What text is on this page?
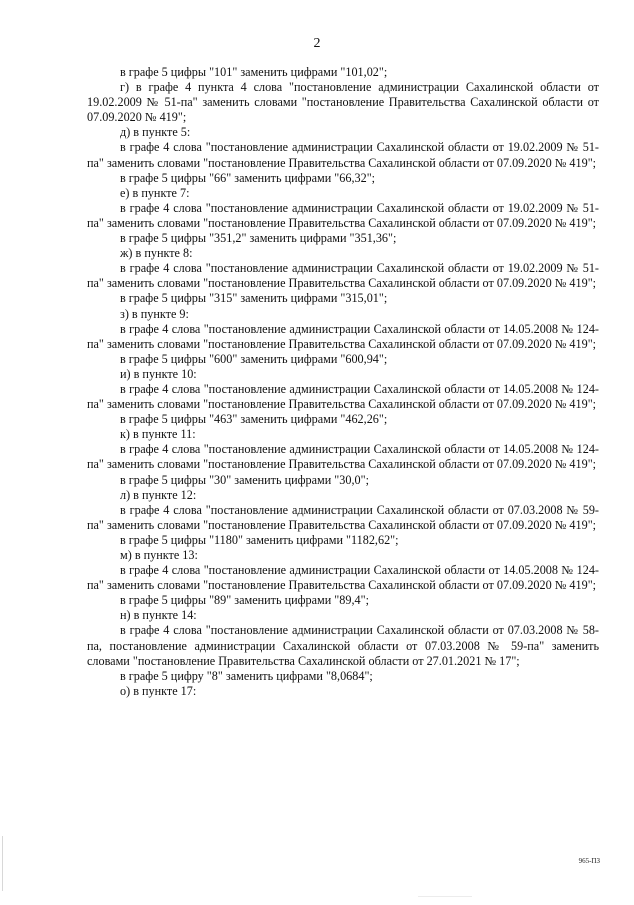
2

в графе 5 цифры "101" заменить цифрами "101,02";

г) в графе 4 пункта 4 слова "постановление администрации Сахалинской области от 19.02.2009 № 51-па" заменить словами "постановление Правительства Сахалинской области от 07.09.2020 № 419";

д) в пункте 5:

в графе 4 слова "постановление администрации Сахалинской области от 19.02.2009 № 51-па" заменить словами "постановление Правительства Сахалинской области от 07.09.2020 № 419";

в графе 5 цифры "66" заменить цифрами "66,32";

е) в пункте 7:

в графе 4 слова "постановление администрации Сахалинской области от 19.02.2009 № 51-па" заменить словами "постановление Правительства Сахалинской области от 07.09.2020 № 419";

в графе 5 цифры "351,2" заменить цифрами "351,36";

ж) в пункте 8:

в графе 4 слова "постановление администрации Сахалинской области от 19.02.2009 № 51-па" заменить словами "постановление Правительства Сахалинской области от 07.09.2020 № 419";

в графе 5 цифры "315" заменить цифрами "315,01";

з) в пункте 9:

в графе 4 слова "постановление администрации Сахалинской области от 14.05.2008 № 124-па" заменить словами "постановление Правительства Сахалинской области от 07.09.2020 № 419";

в графе 5 цифры "600" заменить цифрами "600,94";

и) в пункте 10:

в графе 4 слова "постановление администрации Сахалинской области от 14.05.2008 № 124-па" заменить словами "постановление Правительства Сахалинской области от 07.09.2020 № 419";

в графе 5 цифры "463" заменить цифрами "462,26";

к) в пункте 11:

в графе 4 слова "постановление администрации Сахалинской области от 14.05.2008 № 124-па" заменить словами "постановление Правительства Сахалинской области от 07.09.2020 № 419";

в графе 5 цифры "30" заменить цифрами "30,0";

л) в пункте 12:

в графе 4 слова "постановление администрации Сахалинской области от 07.03.2008 № 59-па" заменить словами "постановление Правительства Сахалинской области от 07.09.2020 № 419";

в графе 5 цифры "1180" заменить цифрами "1182,62";

м) в пункте 13:

в графе 4 слова "постановление администрации Сахалинской области от 14.05.2008 № 124-па" заменить словами "постановление Правительства Сахалинской области от 07.09.2020 № 419";

в графе 5 цифры "89" заменить цифрами "89,4";

н) в пункте 14:

в графе 4 слова "постановление администрации Сахалинской области от 07.03.2008 № 58-па, постановление администрации Сахалинской области от 07.03.2008 № 59-па" заменить словами "постановление Правительства Сахалинской области от 27.01.2021 № 17";

в графе 5 цифру "8" заменить цифрами "8,0684";

о) в пункте 17:

965-ПЗ
